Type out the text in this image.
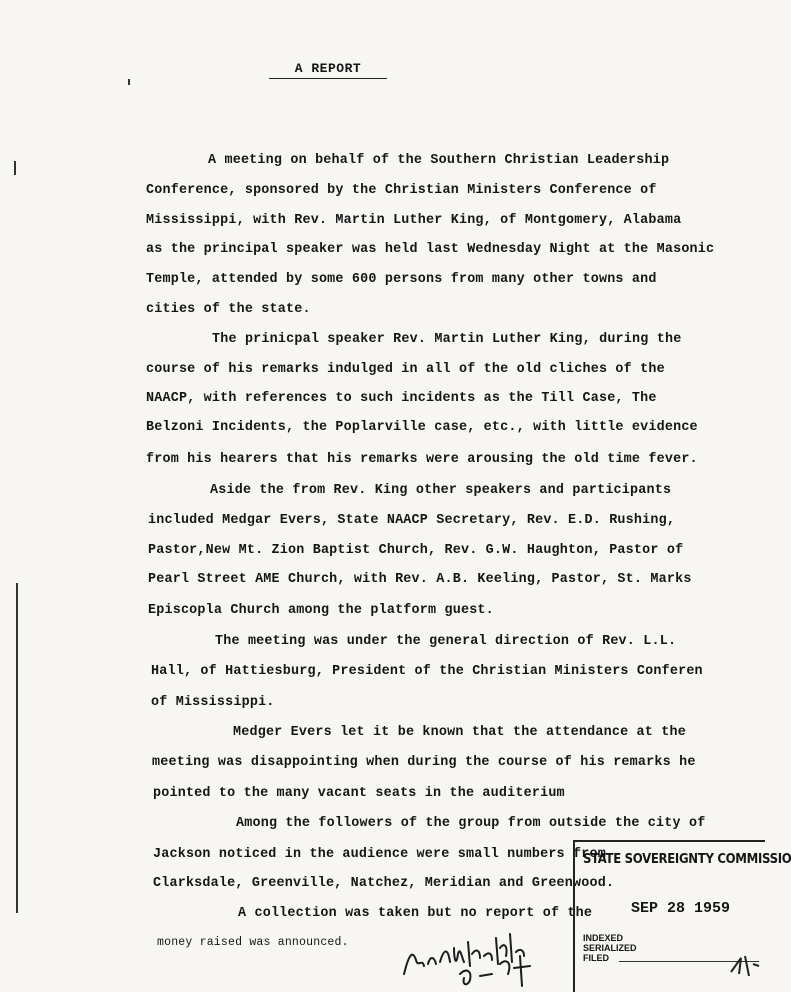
A REPORT
A meeting on behalf of the Southern Christian Leadership
Conference, sponsored by the Christian Ministers Conference of
Mississippi, with Rev. Martin Luther King, of Montgomery, Alabama
as the principal speaker was held last Wednesday Night at the Masonic
Temple, attended by some 600 persons from many other towns and
cities of the state.
The prinicpal speaker Rev. Martin Luther King, during the
course of his remarks indulged in all of the old cliches of the
NAACP, with references to such incidents as the Till Case, The
Belzoni Incidents, the Poplarville case, etc., with little evidence
from his hearers that his remarks were arousing the old time fever.
Aside the from Rev. King other speakers and participants
included Medgar Evers, State NAACP Secretary, Rev. E.D. Rushing,
Pastor,New Mt. Zion Baptist Church, Rev. G.W. Haughton, Pastor of
Pearl Street AME Church, with Rev. A.B. Keeling, Pastor, St. Marks
Episcopla Church among the platform guest.
The meeting was under the general direction of Rev. L.L.
Hall, of Hattiesburg, President of the Christian Ministers Conferen
of Mississippi.
Medger Evers let it be known that the attendance at the
meeting was disappointing when during the course of his remarks he
pointed to the many vacant seats in the auditerium
Among the followers of the group from outside the city of
Jackson noticed in the audience were small numbers from
Clarksdale, Greenville, Natchez, Meridian and Greenwood.
A collection was taken but no report of the
money raised was announced.
STATE SOVEREIGNTY COMMISSIO
SEP 28 1959
INDEXED
SERIALIZED
FILED
